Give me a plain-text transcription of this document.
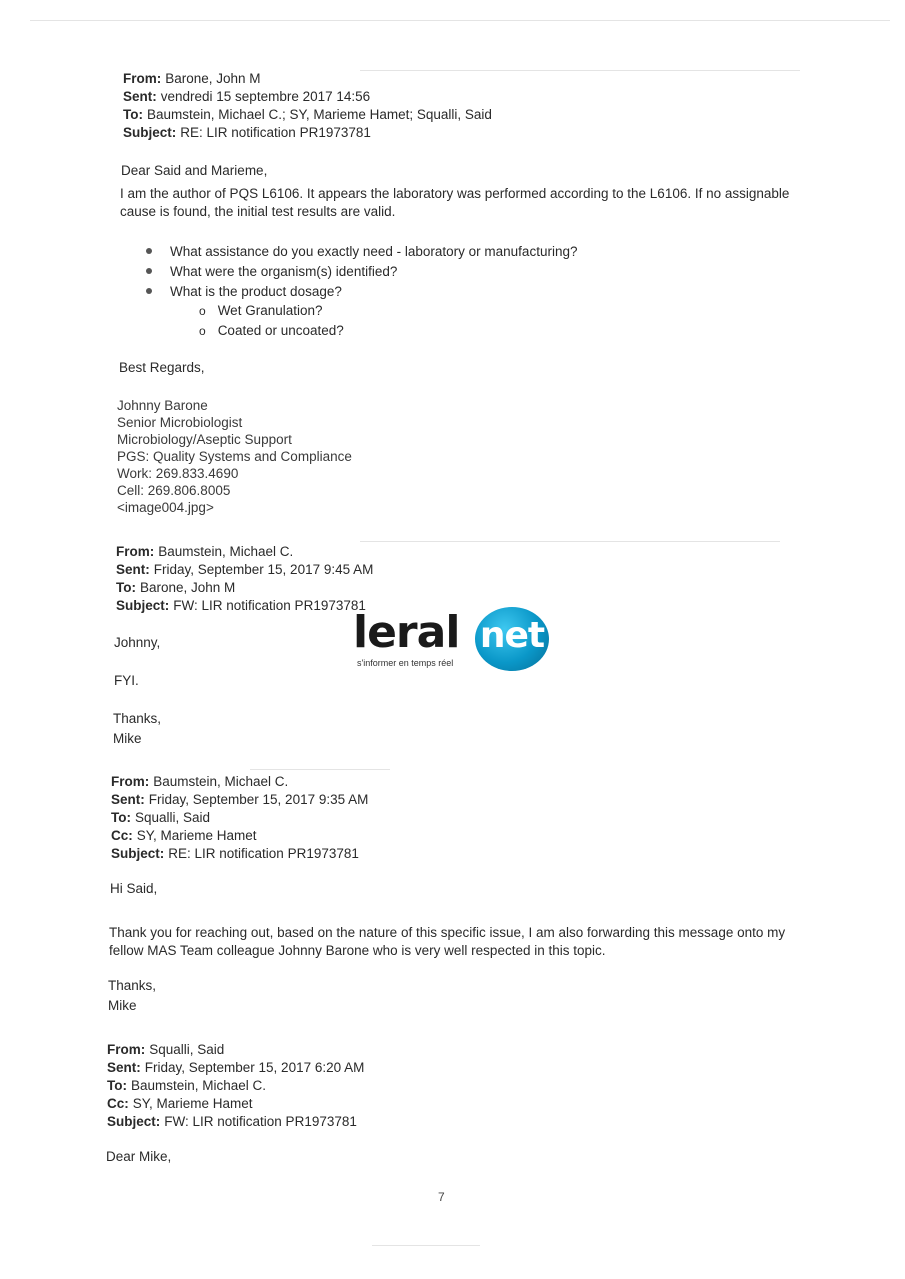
From: Barone, John M
Sent: vendredi 15 septembre 2017 14:56
To: Baumstein, Michael C.; SY, Marieme Hamet; Squalli, Said
Subject: RE: LIR notification PR1973781
Dear Said and Marieme,
I am the author of PQS L6106. It appears the laboratory was performed according to the L6106. If no assignable cause is found, the initial test results are valid.
What assistance do you exactly need - laboratory or manufacturing?
What were the organism(s) identified?
What is the product dosage?
o Wet Granulation?
o Coated or uncoated?
Best Regards,
Johnny Barone
Senior Microbiologist
Microbiology/Aseptic Support
PGS: Quality Systems and Compliance
Work: 269.833.4690
Cell: 269.806.8005
<image004.jpg>
From: Baumstein, Michael C.
Sent: Friday, September 15, 2017 9:45 AM
To: Barone, John M
Subject: FW: LIR notification PR1973781
Johnny,	leral net
s'informer en temps réel
FYI.
Thanks,
Mike
From: Baumstein, Michael C.
Sent: Friday, September 15, 2017 9:35 AM
To: Squalli, Said
Cc: SY, Marieme Hamet
Subject: RE: LIR notification PR1973781
Hi Said,
Thank you for reaching out, based on the nature of this specific issue, I am also forwarding this message onto my fellow MAS Team colleague Johnny Barone who is very well respected in this topic.
Thanks,
Mike
From: Squalli, Said
Sent: Friday, September 15, 2017 6:20 AM
To: Baumstein, Michael C.
Cc: SY, Marieme Hamet
Subject: FW: LIR notification PR1973781
Dear Mike,
7
